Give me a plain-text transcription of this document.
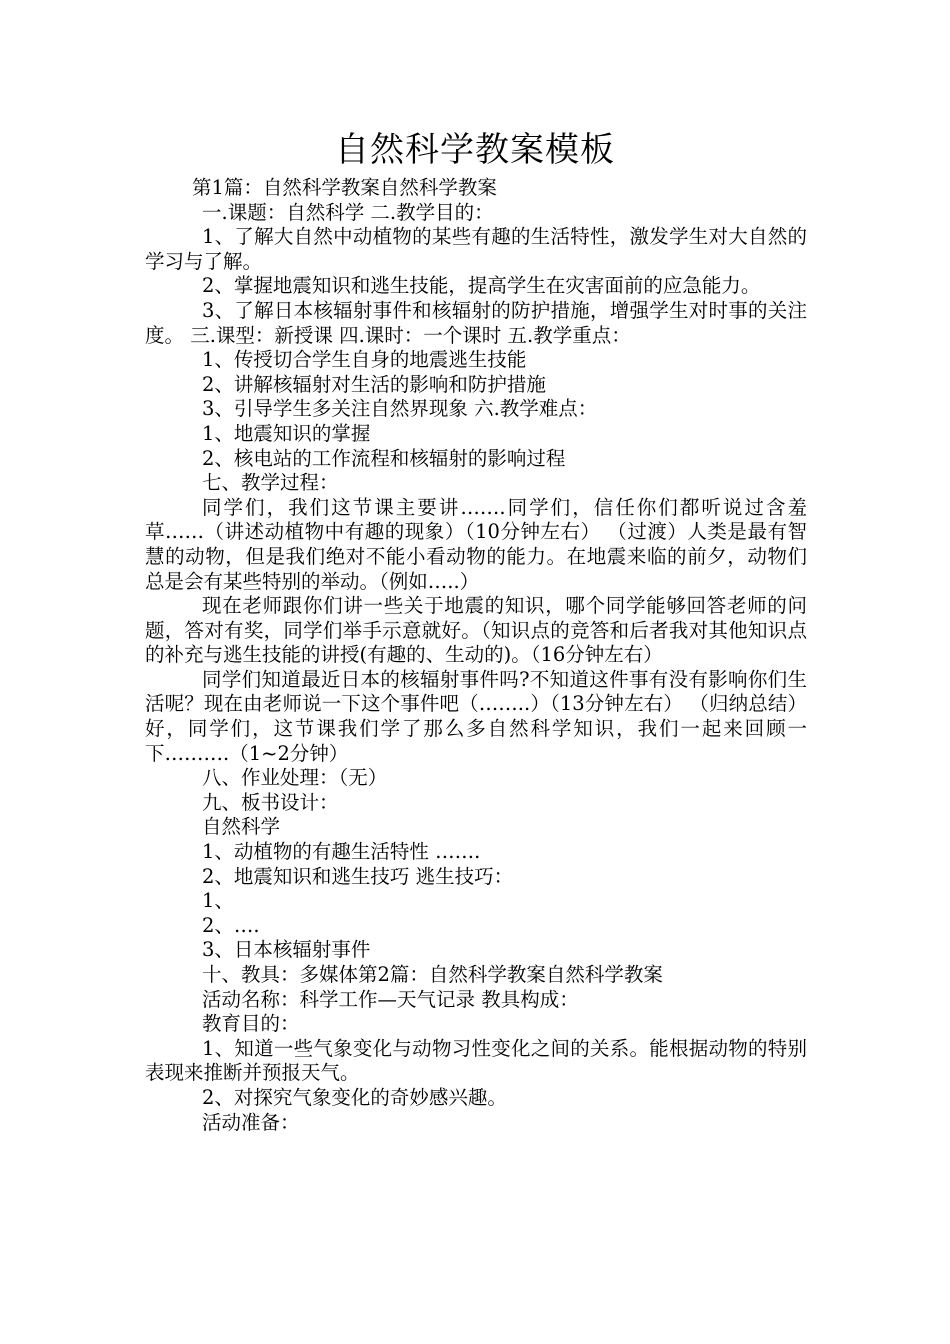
自然科学教案模板

第1篇：自然科学教案自然科学教案

一.课题：自然科学 二.教学目的：

1、了解大自然中动植物的某些有趣的生活特性，激发学生对大自然的学习与了解。

2、掌握地震知识和逃生技能，提高学生在灾害面前的应急能力。

3、了解日本核辐射事件和核辐射的防护措施，增强学生对时事的关注度。 三.课型：新授课 四.课时：一个课时 五.教学重点：

1、传授切合学生自身的地震逃生技能

2、讲解核辐射对生活的影响和防护措施

3、引导学生多关注自然界现象 六.教学难点：

1、地震知识的掌握

2、核电站的工作流程和核辐射的影响过程

七、教学过程：

同学们，我们这节课主要讲…….同学们，信任你们都听说过含羞草……（讲述动植物中有趣的现象）（10分钟左右） （过渡）人类是最有智慧的动物，但是我们绝对不能小看动物的能力。在地震来临的前夕，动物们总是会有某些特别的举动。（例如…..）

现在老师跟你们讲一些关于地震的知识，哪个同学能够回答老师的问题，答对有奖，同学们举手示意就好。（知识点的竞答和后者我对其他知识点的补充与逃生技能的讲授(有趣的、生动的)。（16分钟左右）

同学们知道最近日本的核辐射事件吗?不知道这件事有没有影响你们生活呢？现在由老师说一下这个事件吧（……..）（13分钟左右） （归纳总结）好，同学们，这节课我们学了那么多自然科学知识，我们一起来回顾一下……….（1~2分钟）

八、作业处理：（无）

九、板书设计：

自然科学

1、动植物的有趣生活特性 …….

2、地震知识和逃生技巧 逃生技巧：

1、

2、….

3、日本核辐射事件

十、教具：多媒体第2篇：自然科学教案自然科学教案

活动名称：科学工作—天气记录 教具构成：

教育目的：

1、知道一些气象变化与动物习性变化之间的关系。能根据动物的特别表现来推断并预报天气。

2、对探究气象变化的奇妙感兴趣。

活动准备：
